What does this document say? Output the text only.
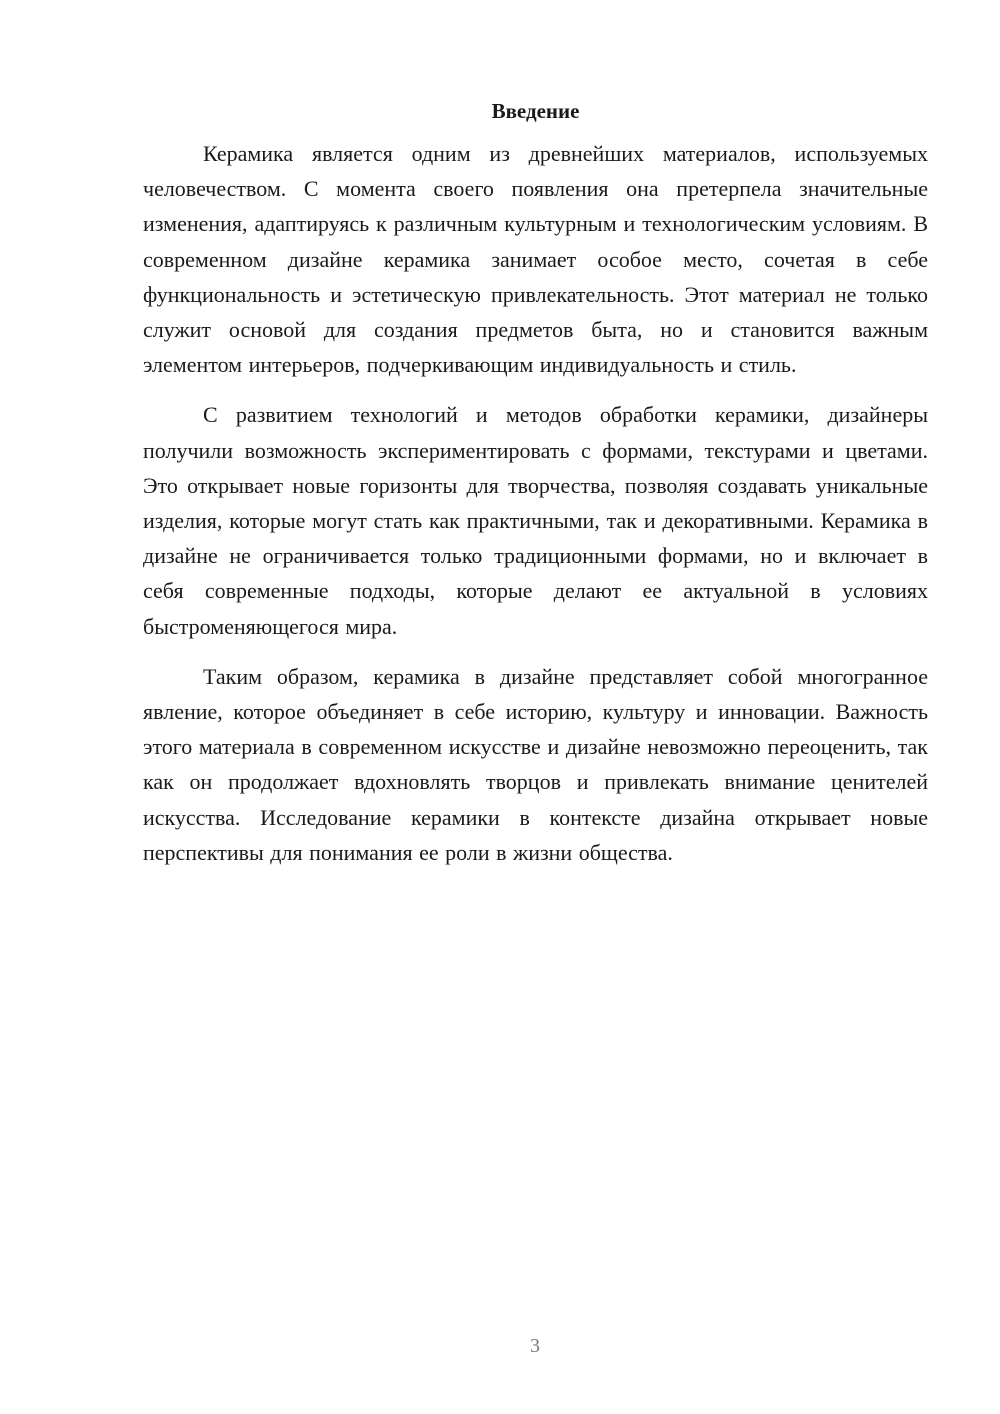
Введение

Керамика является одним из древнейших материалов, используемых человечеством. С момента своего появления она претерпела значительные изменения, адаптируясь к различным культурным и технологическим условиям. В современном дизайне керамика занимает особое место, сочетая в себе функциональность и эстетическую привлекательность. Этот материал не только служит основой для создания предметов быта, но и становится важным элементом интерьеров, подчеркивающим индивидуальность и стиль.

С развитием технологий и методов обработки керамики, дизайнеры получили возможность экспериментировать с формами, текстурами и цветами. Это открывает новые горизонты для творчества, позволяя создавать уникальные изделия, которые могут стать как практичными, так и декоративными. Керамика в дизайне не ограничивается только традиционными формами, но и включает в себя современные подходы, которые делают ее актуальной в условиях быстроменяющегося мира.

Таким образом, керамика в дизайне представляет собой многогранное явление, которое объединяет в себе историю, культуру и инновации. Важность этого материала в современном искусстве и дизайне невозможно переоценить, так как он продолжает вдохновлять творцов и привлекать внимание ценителей искусства. Исследование керамики в контексте дизайна открывает новые перспективы для понимания ее роли в жизни общества.

3
